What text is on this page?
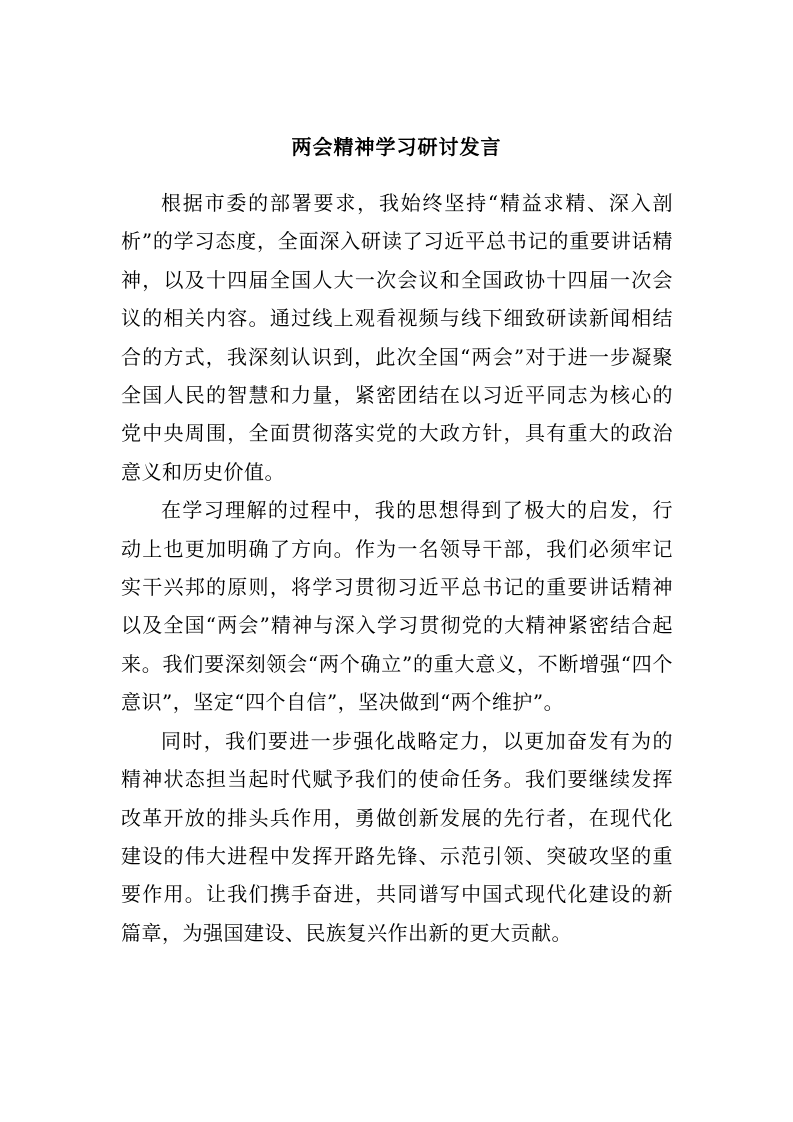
两会精神学习研讨发言

根据市委的部署要求，我始终坚持“精益求精、深入剖析”的学习态度，全面深入研读了习近平总书记的重要讲话精神，以及十四届全国人大一次会议和全国政协十四届一次会议的相关内容。通过线上观看视频与线下细致研读新闻相结合的方式，我深刻认识到，此次全国“两会”对于进一步凝聚全国人民的智慧和力量，紧密团结在以习近平同志为核心的党中央周围，全面贯彻落实党的大政方针，具有重大的政治意义和历史价值。

在学习理解的过程中，我的思想得到了极大的启发，行动上也更加明确了方向。作为一名领导干部，我们必须牢记实干兴邦的原则，将学习贯彻习近平总书记的重要讲话精神以及全国“两会”精神与深入学习贯彻党的大精神紧密结合起来。我们要深刻领会“两个确立”的重大意义，不断增强“四个意识”，坚定“四个自信”，坚决做到“两个维护”。

同时，我们要进一步强化战略定力，以更加奋发有为的精神状态担当起时代赋予我们的使命任务。我们要继续发挥改革开放的排头兵作用，勇做创新发展的先行者，在现代化建设的伟大进程中发挥开路先锋、示范引领、突破攻坚的重要作用。让我们携手奋进，共同谱写中国式现代化建设的新篇章，为强国建设、民族复兴作出新的更大贡献。
